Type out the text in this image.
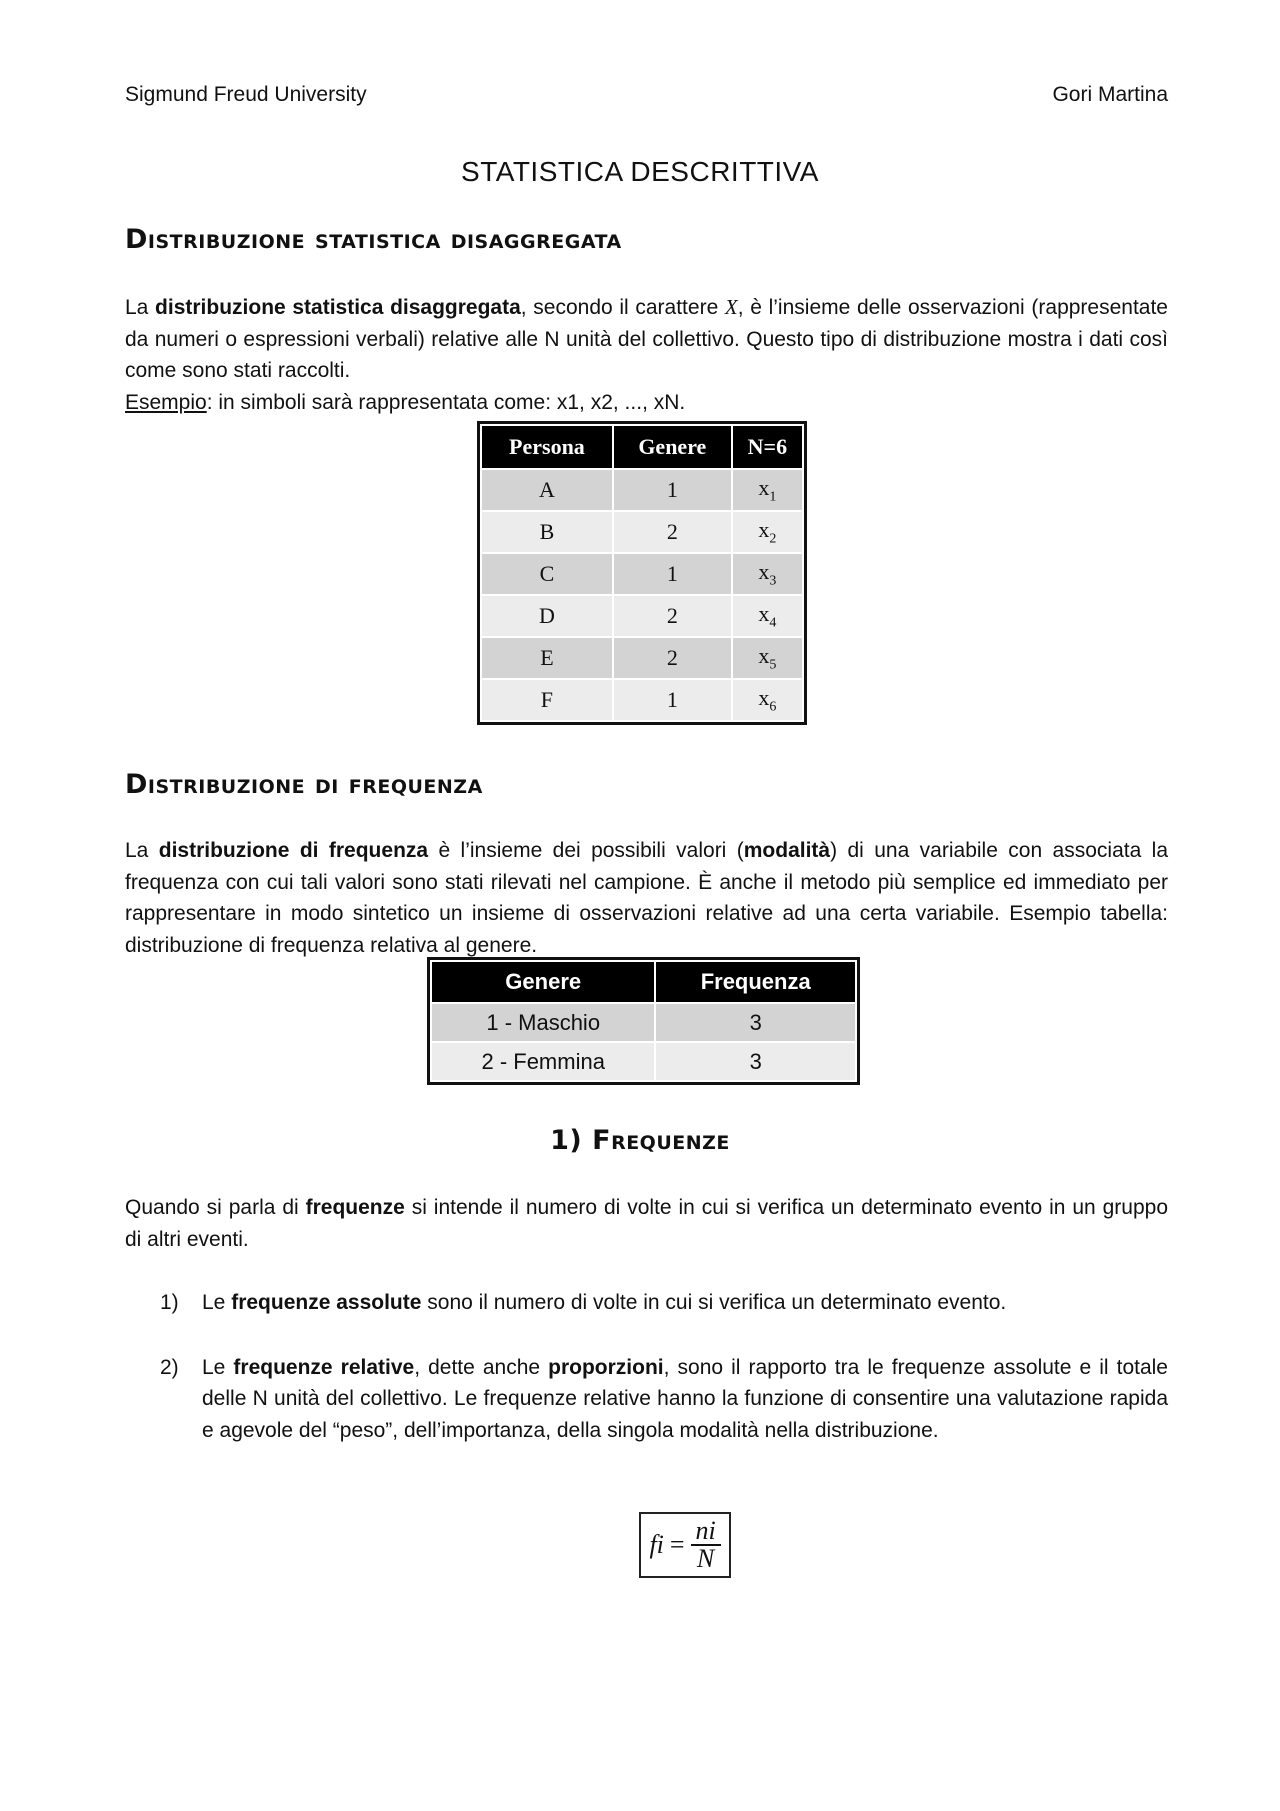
Sigmund Freud University	Gori Martina
STATISTICA DESCRITTIVA
Distribuzione statistica disaggregata
La distribuzione statistica disaggregata, secondo il carattere X, è l’insieme delle osservazioni (rappresentate da numeri o espressioni verbali) relative alle N unità del collettivo. Questo tipo di distribuzione mostra i dati così come sono stati raccolti.
Esempio: in simboli sarà rappresentata come: x1, x2, ..., xN.
Persona	Genere	N=6
A	1	$x_1$
B	2	$x_2$
C	1	$x_3$
D	2	$x_4$
E	2	$x_5$
F	1	$x_6$
Distribuzione di frequenza
La distribuzione di frequenza è l’insieme dei possibili valori (modalità) di una variabile con associata la frequenza con cui tali valori sono stati rilevati nel campione. È anche il metodo più semplice ed immediato per rappresentare in modo sintetico un insieme di osservazioni relative ad una certa variabile. Esempio tabella: distribuzione di frequenza relativa al genere.
Genere	Frequenza
1 - Maschio	3
2 - Femmina	3
1) Frequenze
Quando si parla di frequenze si intende il numero di volte in cui si verifica un determinato evento in un gruppo di altri eventi.
1)	Le frequenze assolute sono il numero di volte in cui si verifica un determinato evento.
2)	Le frequenze relative, dette anche proporzioni, sono il rapporto tra le frequenze assolute e il totale delle N unità del collettivo. Le frequenze relative hanno la funzione di consentire una valutazione rapida e agevole del “peso”, dell’importanza, della singola modalità nella distribuzione.
fi = $\frac{ni}{N}$
